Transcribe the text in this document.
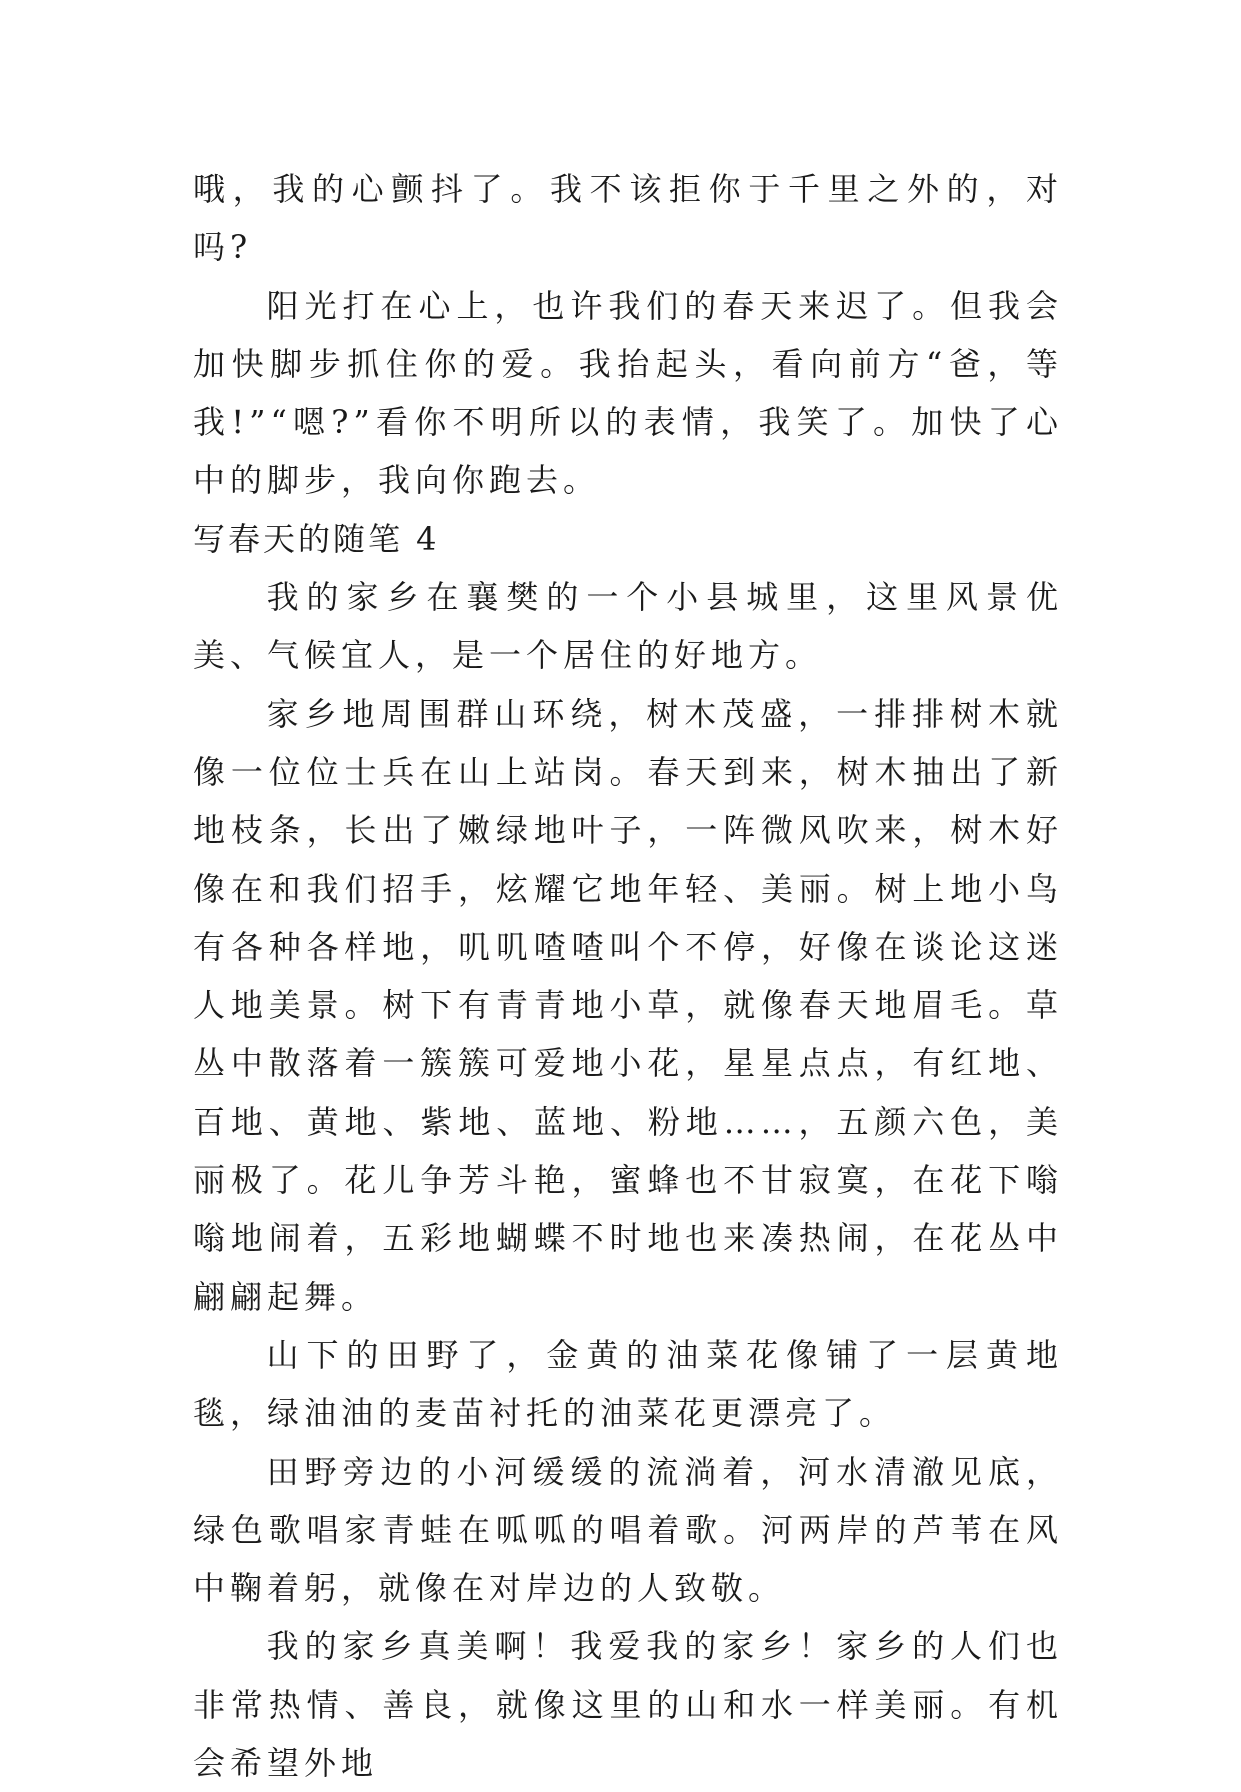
哦，我的心颤抖了。我不该拒你于千里之外的，对吗?

阳光打在心上，也许我们的春天来迟了。但我会加快脚步抓住你的爱。我抬起头，看向前方“爸，等我!”“嗯?”看你不明所以的表情，我笑了。加快了心中的脚步，我向你跑去。

写春天的随笔 4

我的家乡在襄樊的一个小县城里，这里风景优美、气候宜人，是一个居住的好地方。

家乡地周围群山环绕，树木茂盛，一排排树木就像一位位士兵在山上站岗。春天到来，树木抽出了新地枝条，长出了嫩绿地叶子，一阵微风吹来，树木好像在和我们招手，炫耀它地年轻、美丽。树上地小鸟有各种各样地，叽叽喳喳叫个不停，好像在谈论这迷人地美景。树下有青青地小草，就像春天地眉毛。草丛中散落着一簇簇可爱地小花，星星点点，有红地、百地、黄地、紫地、蓝地、粉地……，五颜六色，美丽极了。花儿争芳斗艳，蜜蜂也不甘寂寞，在花下嗡嗡地闹着，五彩地蝴蝶不时地也来凑热闹，在花丛中翩翩起舞。

山下的田野了，金黄的油菜花像铺了一层黄地毯，绿油油的麦苗衬托的油菜花更漂亮了。

田野旁边的小河缓缓的流淌着，河水清澈见底，绿色歌唱家青蛙在呱呱的唱着歌。河两岸的芦苇在风中鞠着躬，就像在对岸边的人致敬。

我的家乡真美啊！我爱我的家乡！家乡的人们也非常热情、善良，就像这里的山和水一样美丽。有机会希望外地
